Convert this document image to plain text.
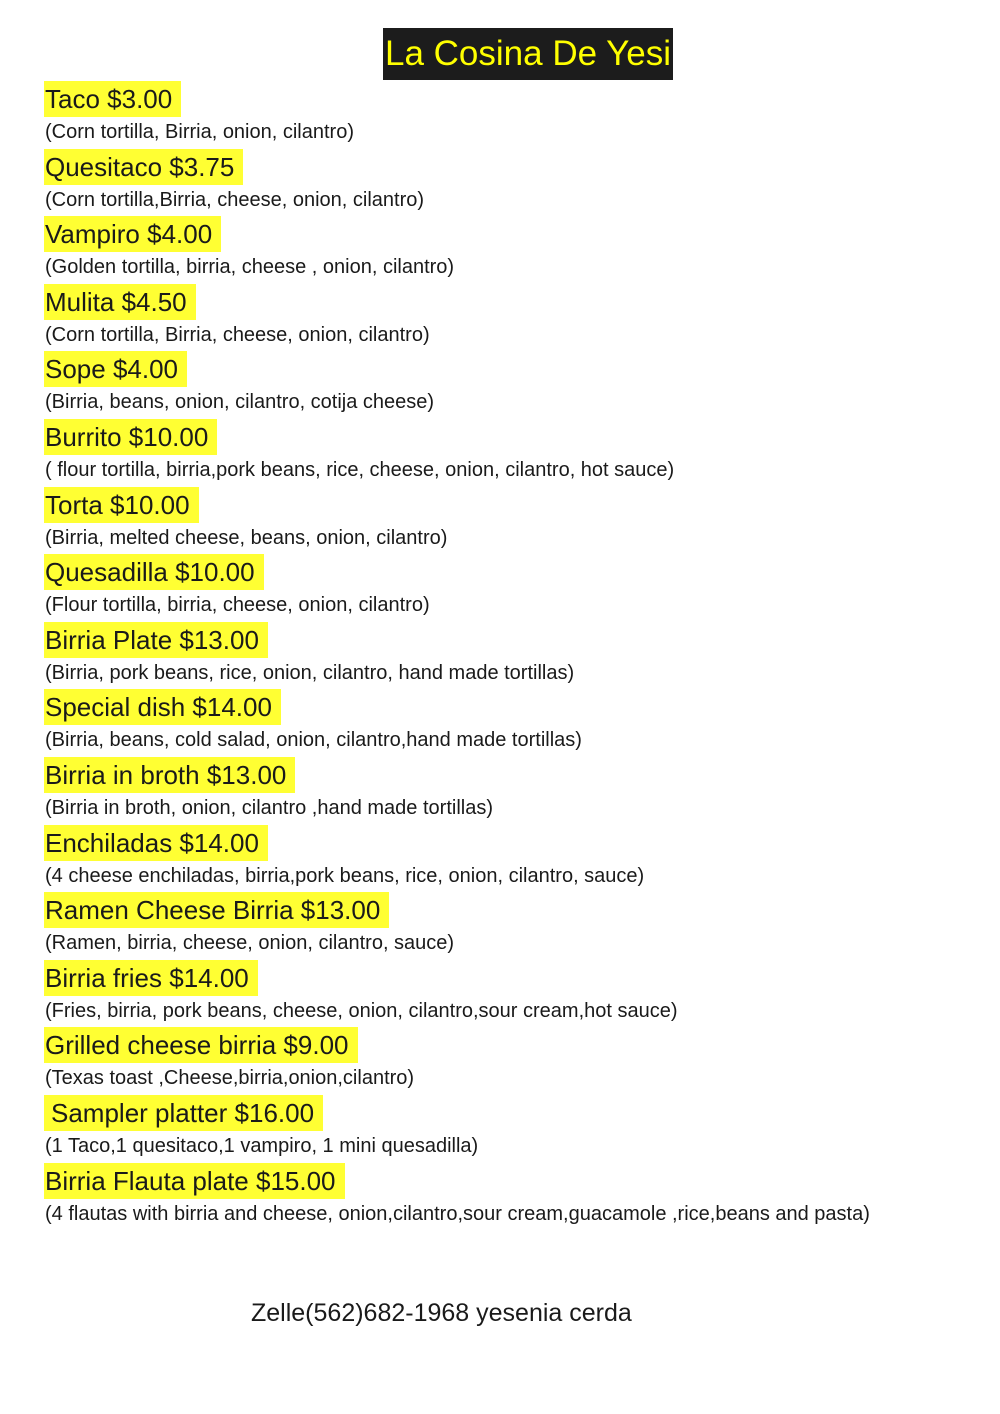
La Cosina De Yesi
Taco $3.00
(Corn tortilla, Birria, onion, cilantro)
Quesitaco $3.75
(Corn tortilla,Birria, cheese, onion, cilantro)
Vampiro $4.00
(Golden tortilla, birria, cheese , onion, cilantro)
Mulita $4.50
(Corn tortilla, Birria, cheese, onion, cilantro)
Sope $4.00
(Birria, beans, onion, cilantro, cotija cheese)
Burrito $10.00
( flour tortilla, birria,pork beans, rice, cheese, onion, cilantro, hot sauce)
Torta $10.00
(Birria, melted cheese, beans, onion, cilantro)
Quesadilla $10.00
(Flour tortilla, birria, cheese, onion, cilantro)
Birria Plate $13.00
(Birria, pork beans, rice, onion, cilantro, hand made tortillas)
Special dish $14.00
(Birria, beans, cold salad, onion, cilantro,hand made tortillas)
Birria in broth $13.00
(Birria in broth, onion, cilantro ,hand made tortillas)
Enchiladas $14.00
(4 cheese enchiladas, birria,pork beans, rice, onion, cilantro, sauce)
Ramen Cheese Birria $13.00
(Ramen, birria, cheese, onion, cilantro, sauce)
Birria fries $14.00
(Fries, birria, pork beans, cheese, onion, cilantro,sour cream,hot sauce)
Grilled cheese birria $9.00
(Texas toast ,Cheese,birria,onion,cilantro)
Sampler platter $16.00
(1 Taco,1 quesitaco,1 vampiro, 1 mini quesadilla)
Birria Flauta plate $15.00
(4 flautas with birria and cheese, onion,cilantro,sour cream,guacamole ,rice,beans and pasta)
Zelle(562)682-1968 yesenia cerda
